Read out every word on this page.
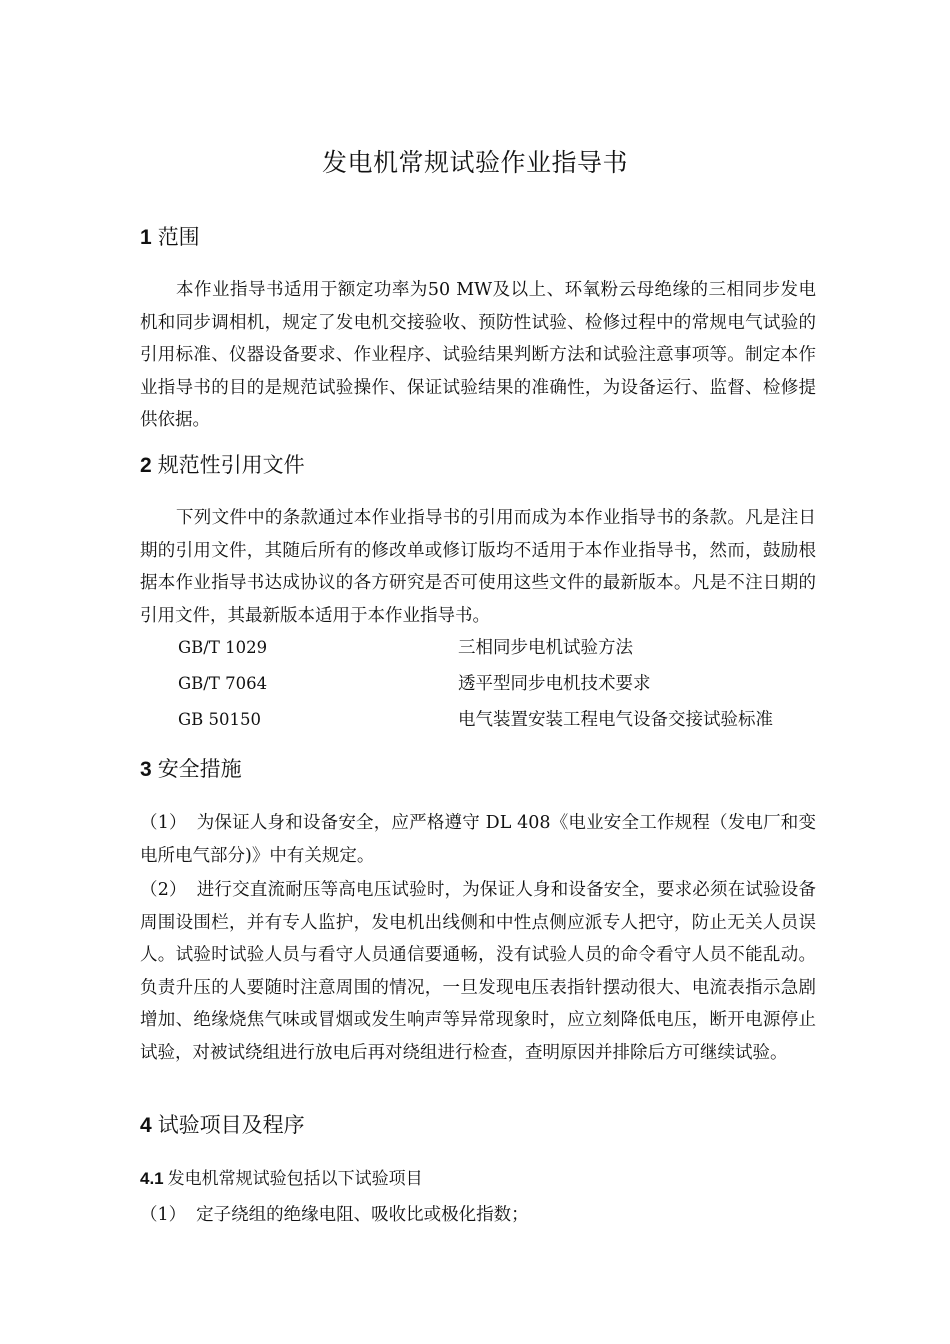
发电机常规试验作业指导书
1 范围

本作业指导书适用于额定功率为50 MW及以上、环氧粉云母绝缘的三相同步发电机和同步调相机，规定了发电机交接验收、预防性试验、检修过程中的常规电气试验的引用标准、仪器设备要求、作业程序、试验结果判断方法和试验注意事项等。制定本作业指导书的目的是规范试验操作、保证试验结果的准确性，为设备运行、监督、检修提供依据。

2 规范性引用文件

下列文件中的条款通过本作业指导书的引用而成为本作业指导书的条款。凡是注日期的引用文件，其随后所有的修改单或修订版均不适用于本作业指导书，然而，鼓励根据本作业指导书达成协议的各方研究是否可使用这些文件的最新版本。凡是不注日期的引用文件，其最新版本适用于本作业指导书。

GB/T 1029	三相同步电机试验方法
GB/T 7064	透平型同步电机技术要求
GB 50150	电气装置安装工程电气设备交接试验标准
3 安全措施

（1） 为保证人身和设备安全，应严格遵守 DL 408《电业安全工作规程（发电厂和变电所电气部分)》中有关规定。

（2） 进行交直流耐压等高电压试验时，为保证人身和设备安全，要求必须在试验设备周围设围栏，并有专人监护，发电机出线侧和中性点侧应派专人把守，防止无关人员误人。试验时试验人员与看守人员通信要通畅，没有试验人员的命令看守人员不能乱动。负责升压的人要随时注意周围的情况，一旦发现电压表指针摆动很大、电流表指示急剧增加、绝缘烧焦气味或冒烟或发生响声等异常现象时，应立刻降低电压，断开电源停止试验，对被试绕组进行放电后再对绕组进行检查，查明原因并排除后方可继续试验。

4 试验项目及程序
4.1 发电机常规试验包括以下试验项目

（1） 定子绕组的绝缘电阻、吸收比或极化指数；
